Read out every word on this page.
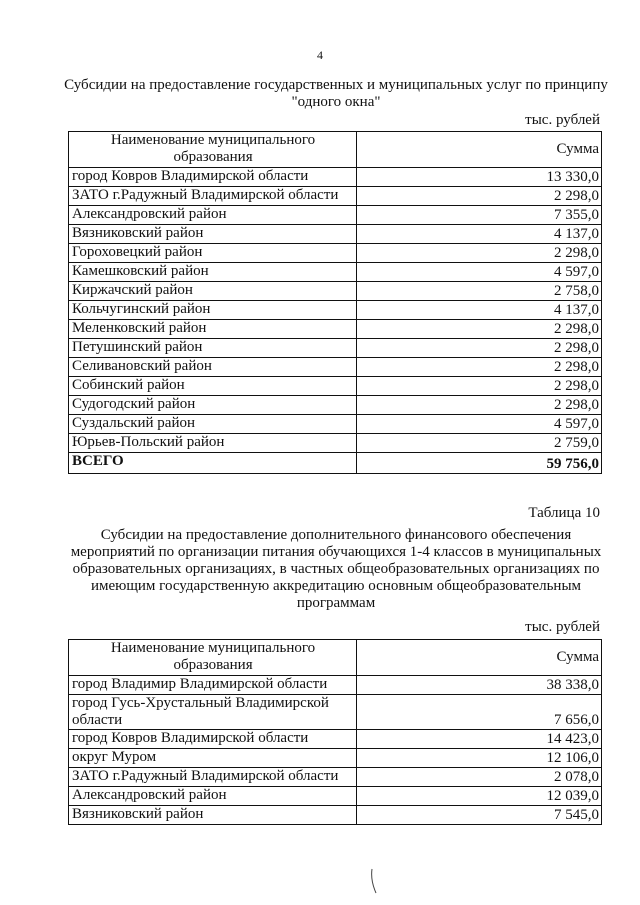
4
Субсидии на предоставление государственных и муниципальных услуг по принципу "одного окна"
тыс. рублей
Наименование муниципального образования	Сумма
город Ковров Владимирской области	13 330,0
ЗАТО г.Радужный Владимирской области	2 298,0
Александровский район	7 355,0
Вязниковский район	4 137,0
Гороховецкий район	2 298,0
Камешковский район	4 597,0
Киржачский район	2 758,0
Кольчугинский район	4 137,0
Меленковский район	2 298,0
Петушинский район	2 298,0
Селивановский район	2 298,0
Собинский район	2 298,0
Судогодский район	2 298,0
Суздальский район	4 597,0
Юрьев-Польский район	2 759,0
ВСЕГО	59 756,0
Таблица 10
Субсидии на предоставление дополнительного финансового обеспечения мероприятий по организации питания обучающихся 1-4 классов в муниципальных образовательных организациях, в частных общеобразовательных организациях по имеющим государственную аккредитацию основным общеобразовательным программам
тыс. рублей
Наименование муниципального образования	Сумма
город Владимир Владимирской области	38 338,0
город Гусь-Хрустальный Владимирской области	7 656,0
город Ковров Владимирской области	14 423,0
округ Муром	12 106,0
ЗАТО г.Радужный Владимирской области	2 078,0
Александровский район	12 039,0
Вязниковский район	7 545,0
